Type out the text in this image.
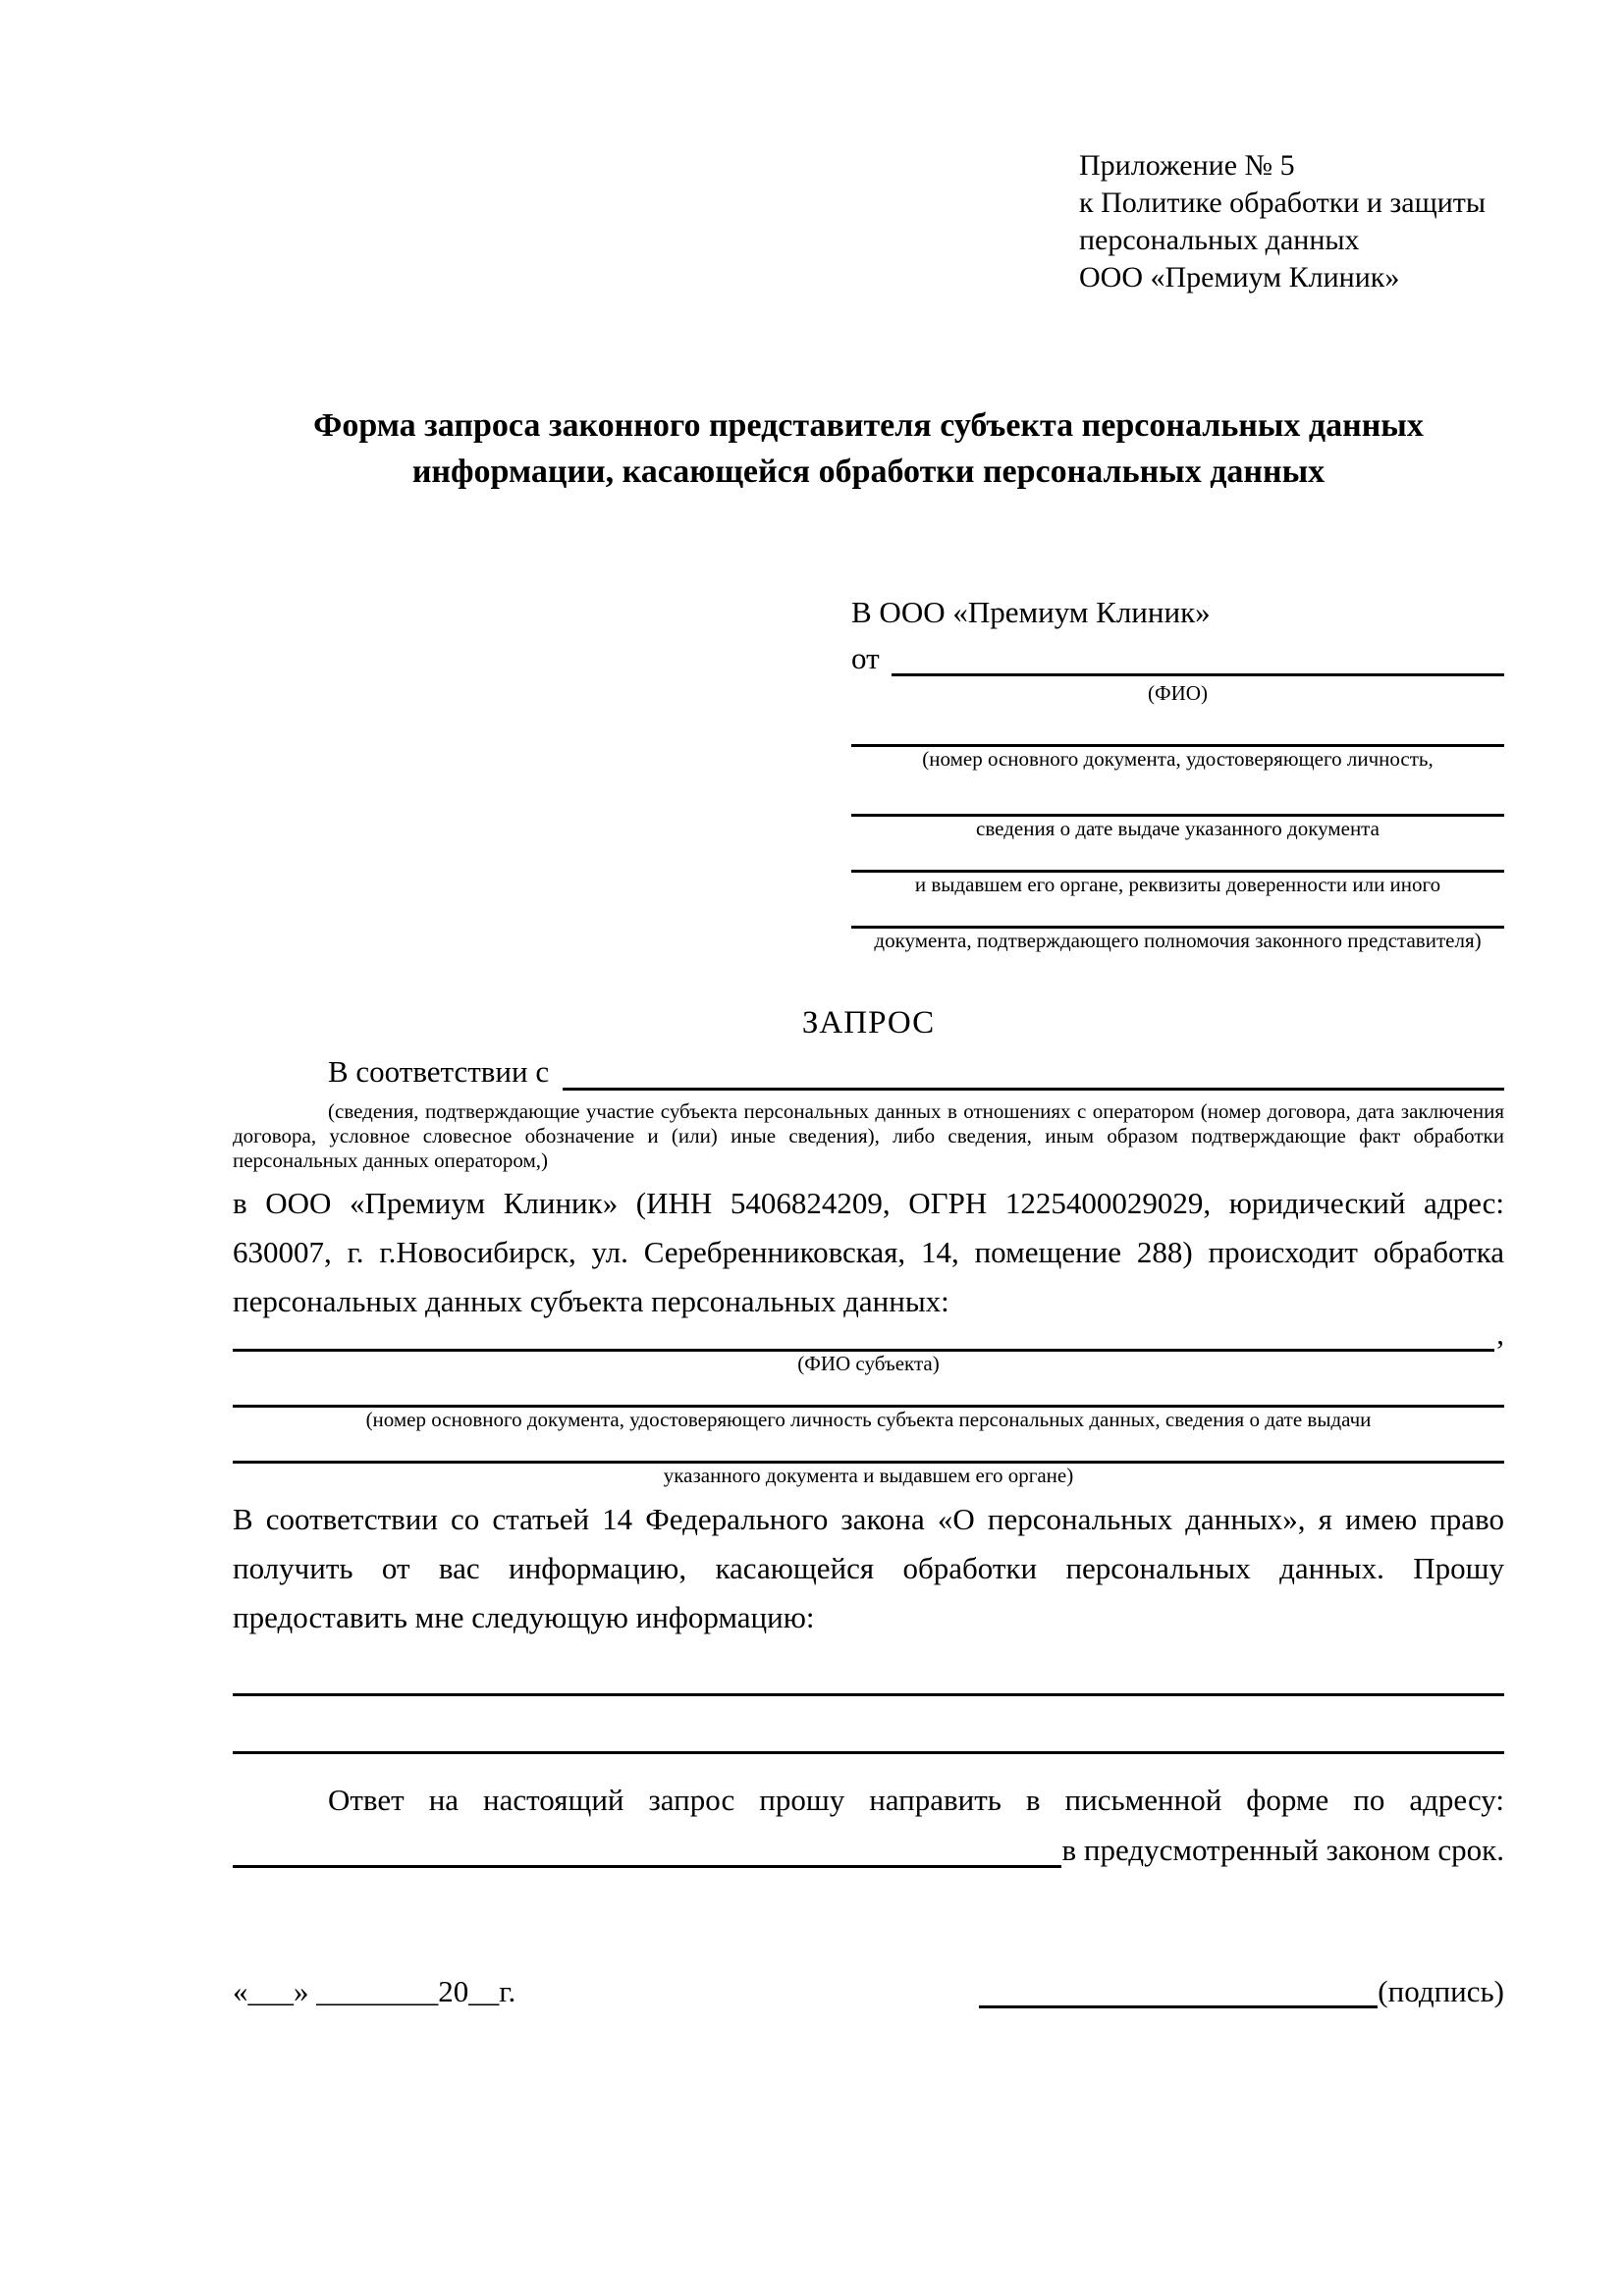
Приложение № 5
к Политике обработки и защиты
персональных данных
ООО «Премиум Клиник»
Форма запроса законного представителя субъекта персональных данных
информации, касающейся обработки персональных данных
В ООО «Премиум Клиник»
от
(ФИО)
(номер основного документа, удостоверяющего личность,
сведения о дате выдаче указанного документа
и выдавшем его органе, реквизиты доверенности или иного
документа, подтверждающего полномочия законного представителя)
ЗАПРОС
В соответствии с
(сведения, подтверждающие участие субъекта персональных данных в отношениях с оператором (номер договора, дата заключения договора, условное словесное обозначение и (или) иные сведения), либо сведения, иным образом подтверждающие факт обработки персональных данных оператором,)

в ООО «Премиум Клиник» (ИНН 5406824209, ОГРН 1225400029029, юридический адрес: 630007, г. г.Новосибирск, ул. Серебренниковская, 14, помещение 288) происходит обработка персональных данных субъекта персональных данных:

,
(ФИО субъекта)
(номер основного документа, удостоверяющего личность субъекта персональных данных, сведения о дате выдачи
указанного документа и выдавшем его органе)

В соответствии со статьей 14 Федерального закона «О персональных данных», я имею право получить от вас информацию, касающейся обработки персональных данных. Прошу предоставить мне следующую информацию:

Ответ на настоящий запрос прошу направить в письменной форме по адресу:
в предусмотренный законом срок.
«___» ________20__г.	(подпись)
